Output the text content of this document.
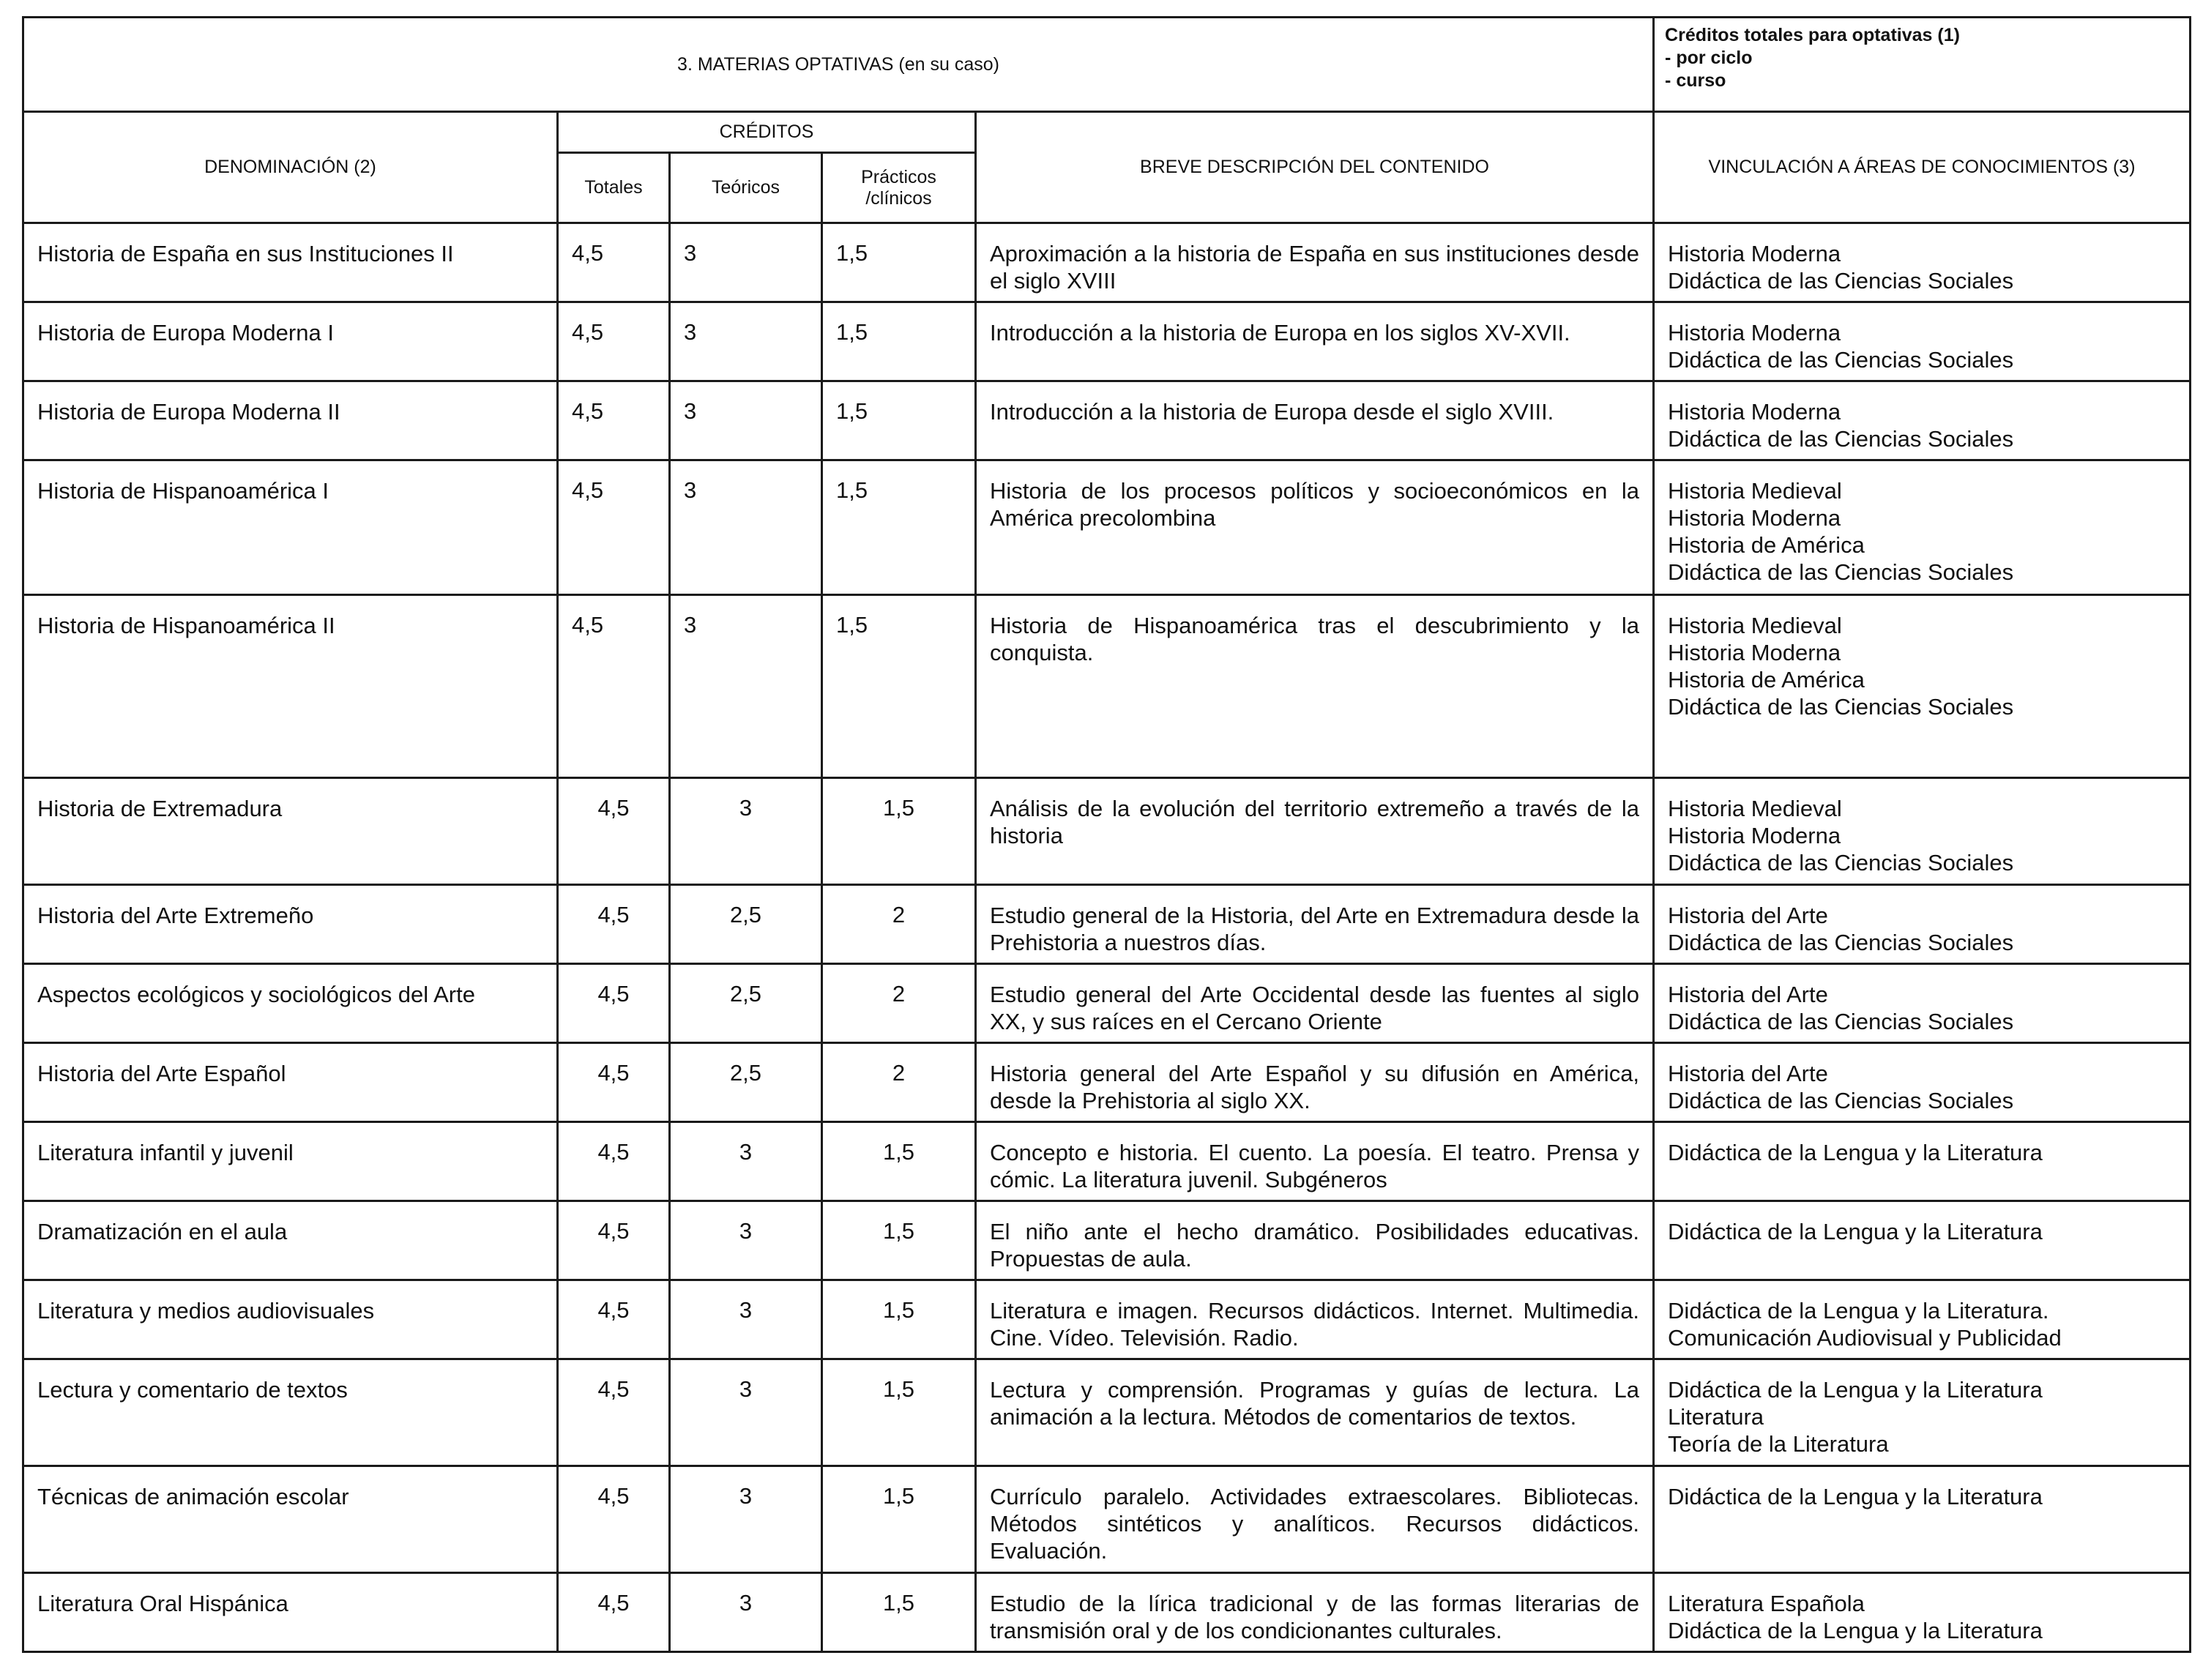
3. MATERIAS OPTATIVAS (en su caso)					Créditos totales para optativas (1)
- por ciclo
- curso

DENOMINACIÓN (2)	CRÉDITOS			BREVE DESCRIPCIÓN DEL CONTENIDO	VINCULACIÓN A ÁREAS DE CONOCIMIENTOS (3)
	Totales	Teóricos	Prácticos /clínicos		
Historia de España en sus Instituciones II	4,5	3	1,5	Aproximación a la historia de España en sus instituciones desde el siglo XVIII	Historia Moderna
Didáctica de las Ciencias Sociales

Historia de Europa Moderna I	4,5	3	1,5	Introducción a la historia de Europa en los siglos XV-XVII.	Historia Moderna
Didáctica de las Ciencias Sociales

Historia de Europa Moderna II	4,5	3	1,5	Introducción a la historia de Europa desde el siglo XVIII.	Historia Moderna
Didáctica de las Ciencias Sociales

Historia de Hispanoamérica I	4,5	3	1,5	Historia de los procesos políticos y socioeconómicos en la América precolombina	Historia Medieval
Historia Moderna
Historia de América
Didáctica de las Ciencias Sociales

Historia de Hispanoamérica II	4,5	3	1,5	Historia de Hispanoamérica tras el descubrimiento y la conquista.	Historia Medieval
Historia Moderna
Historia de América
Didáctica de las Ciencias Sociales

Historia de Extremadura	4,5	3	1,5	Análisis de la evolución del territorio extremeño a través de la historia	Historia Medieval
Historia Moderna
Didáctica de las Ciencias Sociales

Historia del Arte Extremeño	4,5	2,5	2	Estudio general de la Historia, del Arte en Extremadura desde la Prehistoria a nuestros días.	Historia del Arte
Didáctica de las Ciencias Sociales

Aspectos ecológicos y sociológicos del Arte	4,5	2,5	2	Estudio general del Arte Occidental desde las fuentes al siglo XX, y sus raíces en el Cercano Oriente	Historia del Arte
Didáctica de las Ciencias Sociales

Historia del Arte Español	4,5	2,5	2	Historia general del Arte Español y su difusión en América, desde la Prehistoria al siglo XX.	Historia del Arte
Didáctica de las Ciencias Sociales

Literatura infantil y juvenil	4,5	3	1,5	Concepto e historia. El cuento. La poesía. El teatro. Prensa y cómic. La literatura juvenil. Subgéneros	Didáctica de la Lengua y la Literatura

Dramatización en el aula	4,5	3	1,5	El niño ante el hecho dramático. Posibilidades educativas. Propuestas de aula.	Didáctica de la Lengua y la Literatura

Literatura y medios audiovisuales	4,5	3	1,5	Literatura e imagen. Recursos didácticos. Internet. Multimedia. Cine. Vídeo. Televisión. Radio.	Didáctica de la Lengua y la Literatura.
Comunicación Audiovisual y Publicidad

Lectura y comentario de textos	4,5	3	1,5	Lectura y comprensión. Programas y guías de lectura. La animación a la lectura. Métodos de comentarios de textos.	Didáctica de la Lengua y la Literatura
Literatura
Teoría de la Literatura

Técnicas de animación escolar	4,5	3	1,5	Currículo paralelo. Actividades extraescolares. Bibliotecas. Métodos sintéticos y analíticos. Recursos didácticos. Evaluación.	Didáctica de la Lengua y la Literatura

Literatura Oral Hispánica	4,5	3	1,5	Estudio de la lírica tradicional y de las formas literarias de transmisión oral y de los condicionantes culturales.	Literatura Española
Didáctica de la Lengua y la Literatura
